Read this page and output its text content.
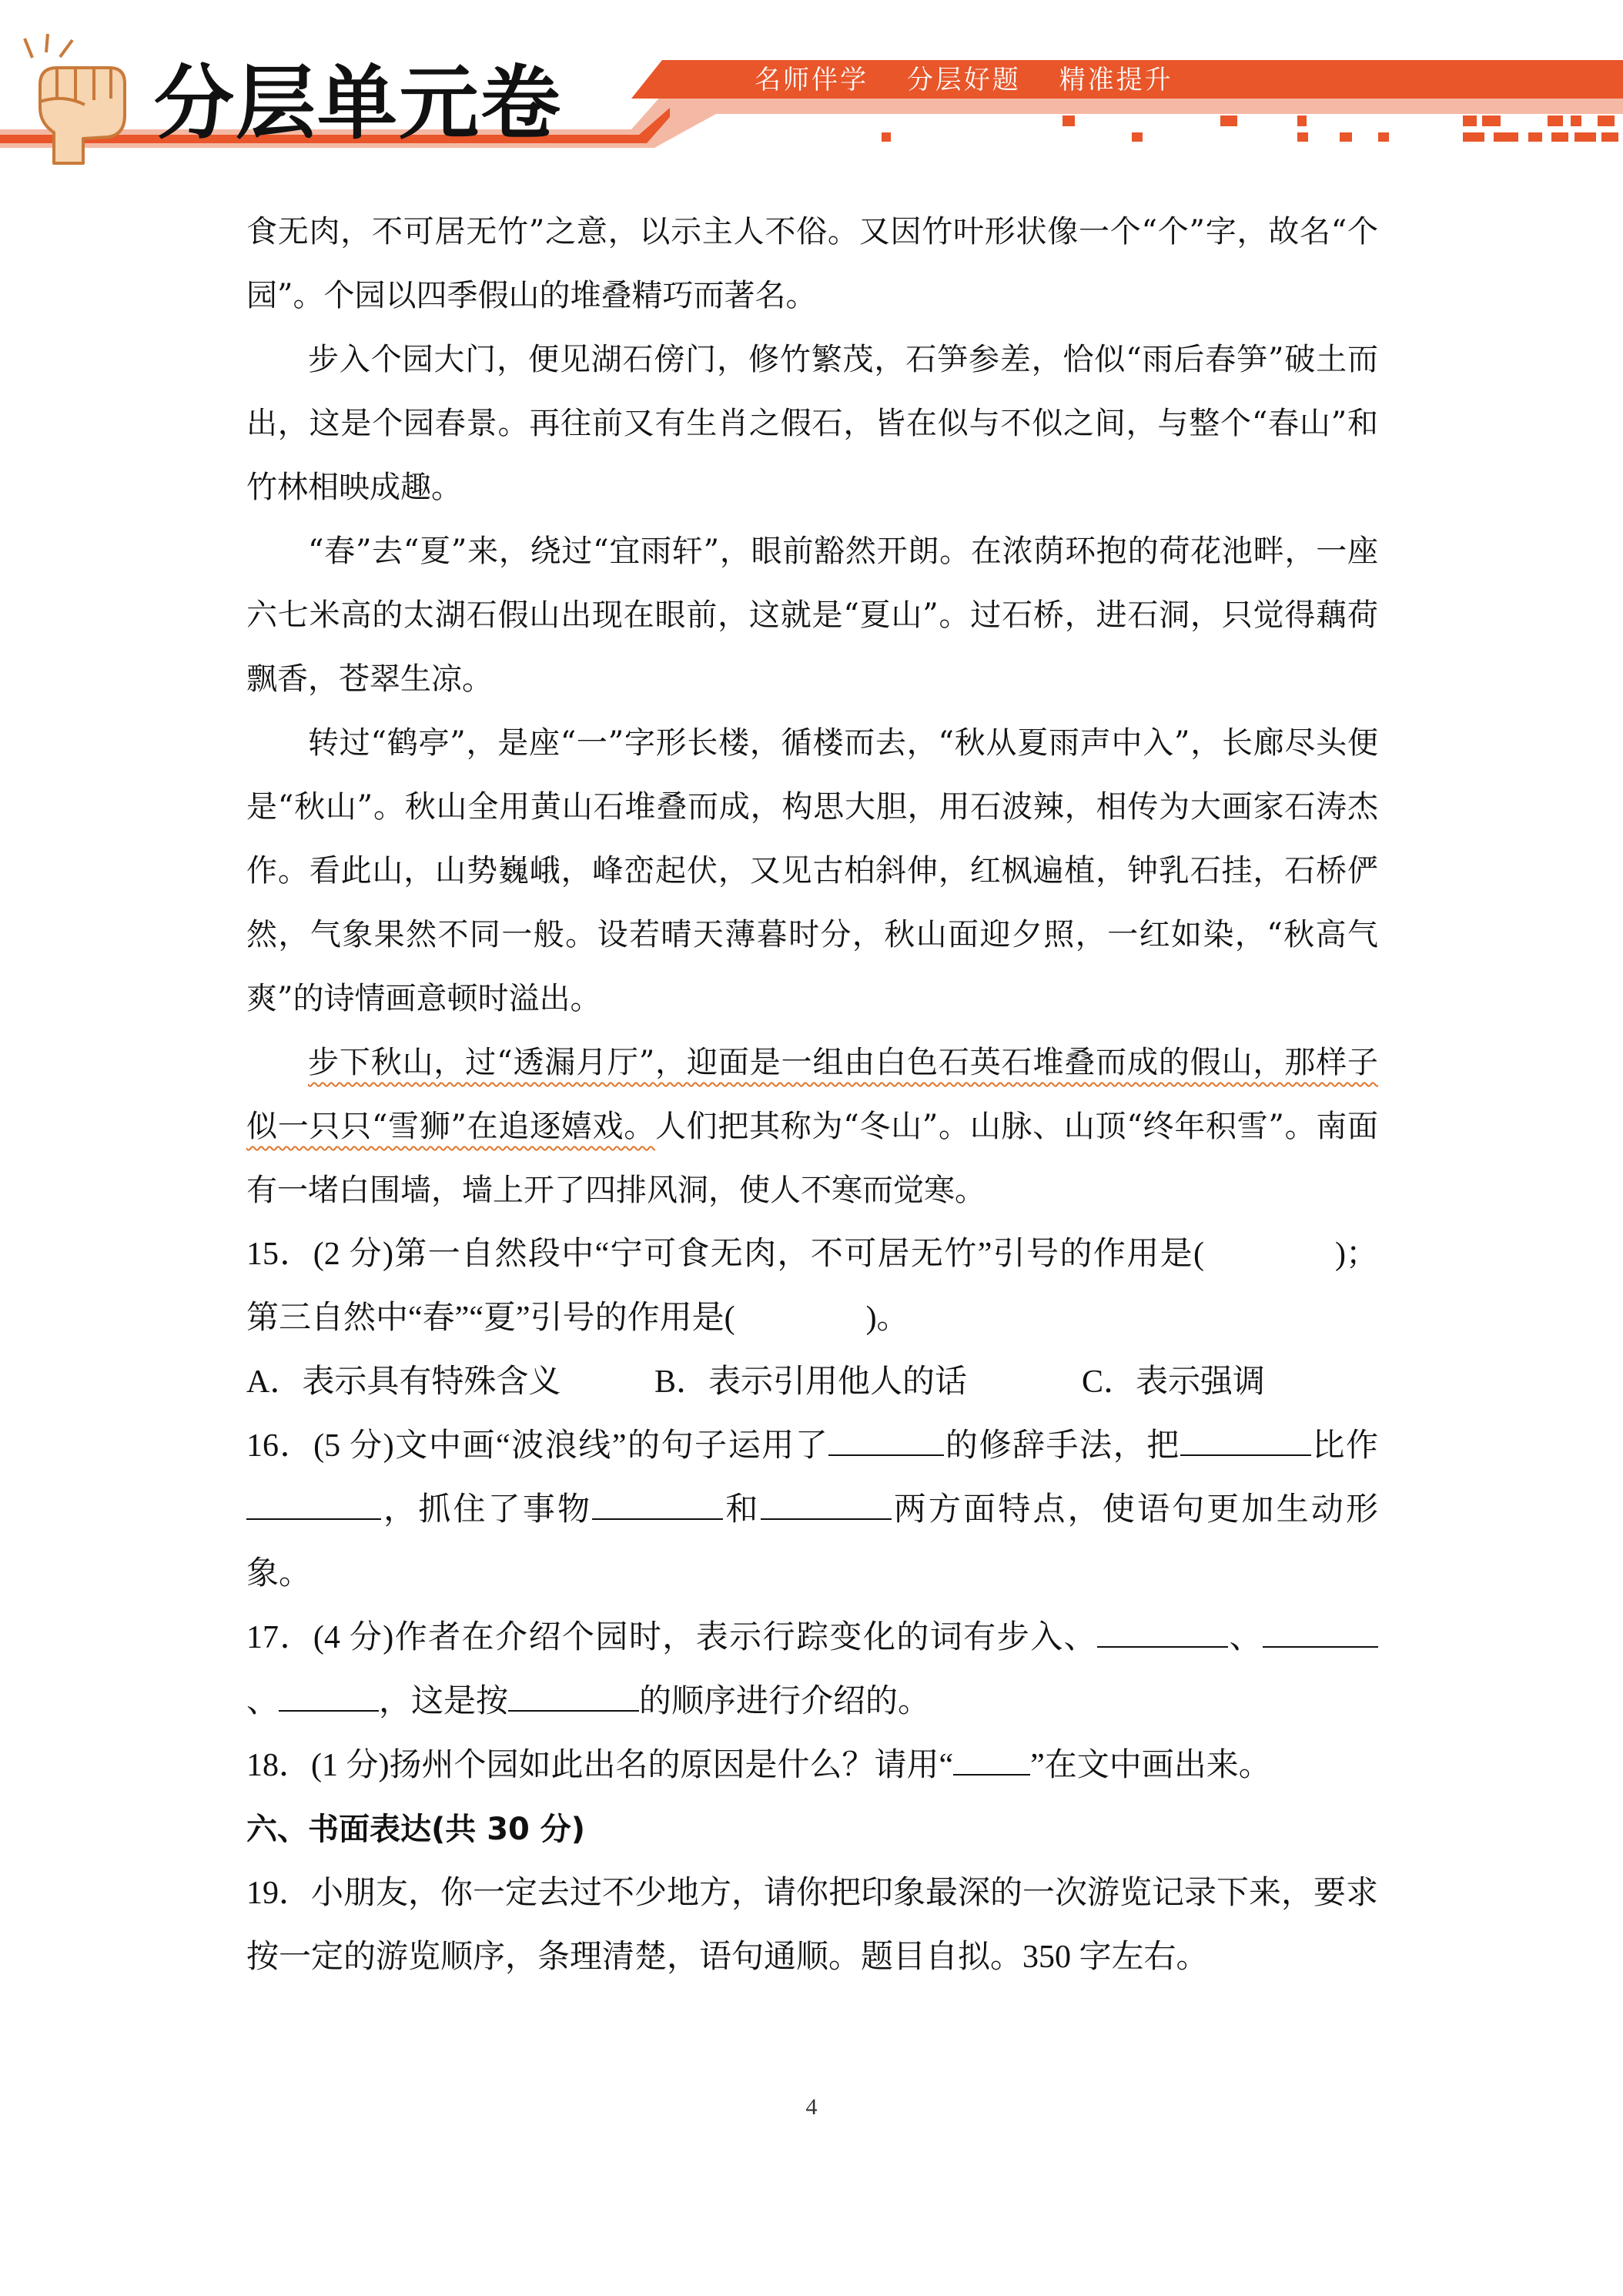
分层单元卷	名师伴学 分层好题 精准提升

食无肉，不可居无竹”之意，以示主人不俗。又因竹叶形状像一个“个”字，故名“个园”。个园以四季假山的堆叠精巧而著名。

步入个园大门，便见湖石傍门，修竹繁茂，石笋参差，恰似“雨后春笋”破土而出，这是个园春景。再往前又有生肖之假石，皆在似与不似之间，与整个“春山”和竹林相映成趣。

“春”去“夏”来，绕过“宜雨轩”，眼前豁然开朗。在浓荫环抱的荷花池畔，一座六七米高的太湖石假山出现在眼前，这就是“夏山”。过石桥，进石洞，只觉得藕荷飘香，苍翠生凉。

转过“鹤亭”，是座“一”字形长楼，循楼而去，“秋从夏雨声中入”，长廊尽头便是“秋山”。秋山全用黄山石堆叠而成，构思大胆，用石波辣，相传为大画家石涛杰作。看此山，山势巍峨，峰峦起伏，又见古柏斜伸，红枫遍植，钟乳石挂，石桥俨然，气象果然不同一般。设若晴天薄暮时分，秋山面迎夕照，一红如染，“秋高气爽”的诗情画意顿时溢出。

步下秋山，过“透漏月厅”，迎面是一组由白色石英石堆叠而成的假山，那样子似一只只“雪狮”在追逐嬉戏。人们把其称为“冬山”。山脉、山顶“终年积雪”。南面有一堵白围墙，墙上开了四排风洞，使人不寒而觉寒。

15．(2 分)第一自然段中“宁可食无肉，不可居无竹”引号的作用是(	)；第三自然中“春”“夏”引号的作用是(	)。

A．表示具有特殊含义	B．表示引用他人的话	C．表示强调

16．(5 分)文中画“波浪线”的句子运用了	的修辞手法，把	比作，抓住了事物	和	两方面特点，使语句更加生动形象。

17．(4 分)作者在介绍个园时，表示行踪变化的词有步入、	、、	，这是按	的顺序进行介绍的。

18．(1 分)扬州个园如此出名的原因是什么？请用“ ”在文中画出来。

六、书面表达(共 30 分)

19．小朋友，你一定去过不少地方，请你把印象最深的一次游览记录下来，要求按一定的游览顺序，条理清楚，语句通顺。题目自拟。350 字左右。

4
